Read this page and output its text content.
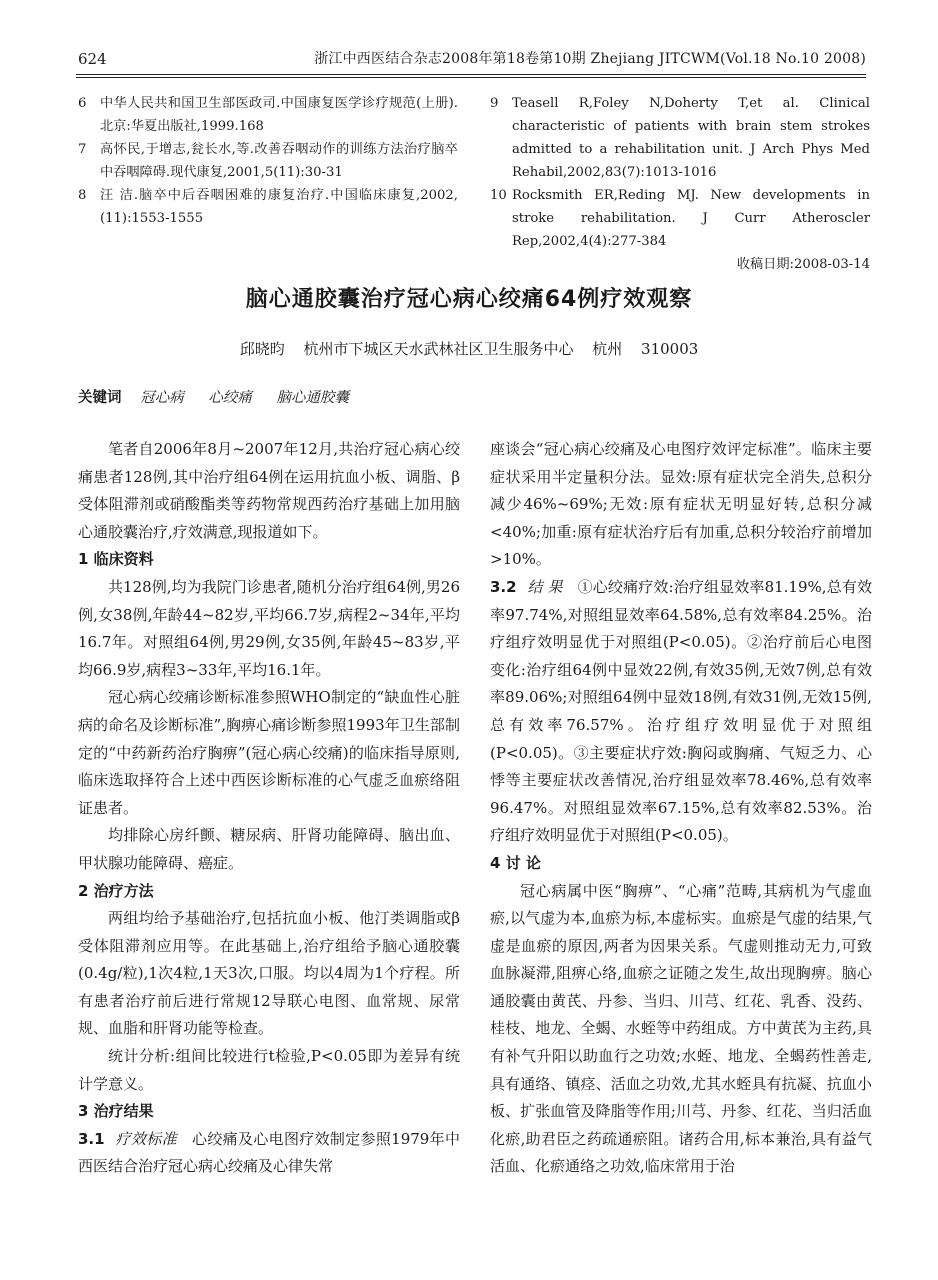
624	浙江中西医结合杂志2008年第18卷第10期 Zhejiang JITCWM(Vol.18 No.10 2008)
6 中华人民共和国卫生部医政司.中国康复医学诊疗规范(上册).北京:华夏出版社,1999.168
7 高怀民,于增志,瓮长水,等.改善吞咽动作的训练方法治疗脑卒中吞咽障碍.现代康复,2001,5(11):30-31
8 汪 洁.脑卒中后吞咽困难的康复治疗.中国临床康复,2002,(11):1553-1555
9 Teasell R,Foley N,Doherty T,et al. Clinical characteristic of patients with brain stem strokes admitted to a rehabilitation unit. J Arch Phys Med Rehabil,2002,83(7):1013-1016
10 Rocksmith ER,Reding MJ. New developments in stroke rehabilitation. J Curr Atheroscler Rep,2002,4(4):277-384
收稿日期:2008-03-14
脑心通胶囊治疗冠心病心绞痛64例疗效观察
邱晓昀 杭州市下城区天水武林社区卫生服务中心 杭州 310003
关键词 冠心病 心绞痛 脑心通胶囊

笔者自2006年8月~2007年12月,共治疗冠心病心绞痛患者128例,其中治疗组64例在运用抗血小板、调脂、β受体阻滞剂或硝酸酯类等药物常规西药治疗基础上加用脑心通胶囊治疗,疗效满意,现报道如下。

1 临床资料

共128例,均为我院门诊患者,随机分治疗组64例,男26例,女38例,年龄44~82岁,平均66.7岁,病程2~34年,平均16.7年。对照组64例,男29例,女35例,年龄45~83岁,平均66.9岁,病程3~33年,平均16.1年。

冠心病心绞痛诊断标准参照WHO制定的“缺血性心脏病的命名及诊断标准”,胸痹心痛诊断参照1993年卫生部制定的“中药新药治疗胸痹”(冠心病心绞痛)的临床指导原则,临床选取择符合上述中西医诊断标准的心气虚乏血瘀络阻证患者。

均排除心房纤颤、糖尿病、肝肾功能障碍、脑出血、甲状腺功能障碍、癌症。

2 治疗方法

两组均给予基础治疗,包括抗血小板、他汀类调脂或β受体阻滞剂应用等。在此基础上,治疗组给予脑心通胶囊(0.4g/粒),1次4粒,1天3次,口服。均以4周为1个疗程。所有患者治疗前后进行常规12导联心电图、血常规、尿常规、血脂和肝肾功能等检查。

统计分析:组间比较进行t检验,P<0.05即为差异有统计学意义。

3 治疗结果

3.1 疗效标准 心绞痛及心电图疗效制定参照1979年中西医结合治疗冠心病心绞痛及心律失常

座谈会“冠心病心绞痛及心电图疗效评定标准”。临床主要症状采用半定量积分法。显效:原有症状完全消失,总积分减少46%~69%;无效:原有症状无明显好转,总积分减<40%;加重:原有症状治疗后有加重,总积分较治疗前增加>10%。

3.2 结 果 ①心绞痛疗效:治疗组显效率81.19%,总有效率97.74%,对照组显效率64.58%,总有效率84.25%。治疗组疗效明显优于对照组(P<0.05)。②治疗前后心电图变化:治疗组64例中显效22例,有效35例,无效7例,总有效率89.06%;对照组64例中显效18例,有效31例,无效15例,总有效率76.57%。治疗组疗效明显优于对照组(P<0.05)。③主要症状疗效:胸闷或胸痛、气短乏力、心悸等主要症状改善情况,治疗组显效率78.46%,总有效率96.47%。对照组显效率67.15%,总有效率82.53%。治疗组疗效明显优于对照组(P<0.05)。

4 讨 论

冠心病属中医“胸痹”、“心痛”范畴,其病机为气虚血瘀,以气虚为本,血瘀为标,本虚标实。血瘀是气虚的结果,气虚是血瘀的原因,两者为因果关系。气虚则推动无力,可致血脉凝滞,阻痹心络,血瘀之证随之发生,故出现胸痹。脑心通胶囊由黄芪、丹参、当归、川芎、红花、乳香、没药、桂枝、地龙、全蝎、水蛭等中药组成。方中黄芪为主药,具有补气升阳以助血行之功效;水蛭、地龙、全蝎药性善走,具有通络、镇痉、活血之功效,尤其水蛭具有抗凝、抗血小板、扩张血管及降脂等作用;川芎、丹参、红花、当归活血化瘀,助君臣之药疏通瘀阻。诸药合用,标本兼治,具有益气活血、化瘀通络之功效,临床常用于治
